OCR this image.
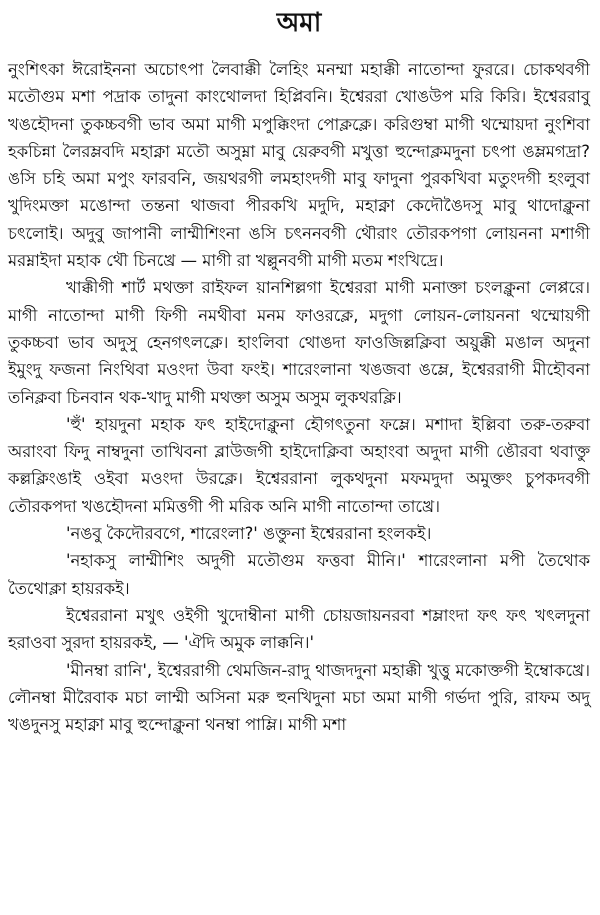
অমা
নুংশিৎকা ঈরোইননা অচোৎপা লৈবাক্কী লৈহিং মনম্মা মহাক্কী নাতোন্দা ফুররে। চোকথবগী মতৌগুম মশা পদ্রাক তাদুনা কাংথোলদা হিপ্লিবনি। ইশ্বেররা খোঙউপ মরি কিরি। ইশ্বেররাবু খঙহৌদনা তুকচ্চবগী ভাব অমা মাগী মপুক্কিংদা পোক্লক্লে। করিগুম্বা মাগী থম্মোয়দা নুংশিবা হকচিন্না লৈরম্লবদি মহাক্না মতৌ অসুম্না মাবু য়েরুবগী মখুত্তা হুন্দোক্লমদুনা চৎপা ঙম্লমগদ্রা? ঙসি চহি অমা মপুং ফারবনি, জয়থরগী লমহাংদগী মাবু ফাদুনা পুরকখিবা মতুংদগী হংলুবা খুদিংমক্তা মঙোন্দা তন্তনা থাজবা পীরকখি মদুদি, মহাক্না কেদৌঙৈদসু মাবু থাদোক্লুনা চৎলোই। অদুবু জাপানী লাম্মীশিংনা ঙসি চৎননবগী থৌরাং তৌরকপগা লোয়ননা মশাগী মরম্নাইদা মহাক থৌ চিনখ্রে — মাগী রা খল্লুনবগী মাগী মতম শংখিদ্রে।
খাক্কীগী শার্ট মথক্তা রাইফল য়ানশিল্লগা ইশ্বেররা মাগী মনাক্তা চংলক্লুনা লেপ্পরে। মাগী নাতোন্দা মাগী ফিগী নমথীবা মনম ফাওরক্লে, মদুগা লোয়ন-লোয়ননা থম্মোয়গী তুকচ্চবা ভাব অদুসু হেনগৎলক্লে। হাংলিবা থোঙদা ফাওজিল্লক্লিবা অয়ুক্কী মঙাল অদুনা ইমুংদু ফজনা নিংথিবা মওংদা উবা ফংই। শারেংলানা খঙজবা ঙম্লে, ইশ্বেররাগী মীহৌবনা তনিক্লবা চিনবান থক-খাদু মাগী মথক্তা অসুম অসুম লুকথরক্লি।
'হুঁ' হায়দুনা মহাক ফৎ হাইদোক্লুনা হৌগৎতুনা ফম্লে। মশাদা ইল্লিবা তরু-তরুবা অরাংবা ফিদু নাম্বদুনা তাখিবনা ব্লাউজগী হাইদোক্লিবা অহাংবা অদুদা মাগী ঙৌরবা থবাক্তু কল্লক্লিংঙাই ওইবা মওংদা উরক্লে। ইশ্বেররানা লুকথদুনা মফমদুদা অমুক্তং চুপকদবগী তৌরকপদা খঙহৌদনা মমিত্তগী পী মরিক অনি মাগী নাতোন্দা তাখ্রে।
'নঙবু কৈদৌরবগে, শারেংলা?' ঙক্তুনা ইশ্বেররানা হংলকই।
'নহাকসু লাম্মীশিং অদুগী মতৌগুম ফত্তবা মীনি।' শারেংলানা মপী তৈথোক তৈথোক্লা হায়রকই।
ইশ্বেররানা মখুৎ ওইগী খুদোম্বীনা মাগী চোয়জায়নরবা শম্লাংদা ফৎ ফৎ খৎলদুনা হরাওবা সুরদা হায়রকই, — 'ঐদি অমুক লাক্কনি।'
'মীনম্বা রানি', ইশ্বেররাগী থেমজিন-রাদু থাজদদুনা মহাক্কী খুত্তু মকোক্তগী ইম্বোকখ্রে। লৌনম্বা মীরৈবাক মচা লাম্মী অসিনা মরু হুনখিদুনা মচা অমা মাগী গর্ভদা পুরি, রাফম অদু খঙদুনসু মহাক্না মাবু হুন্দোক্লুনা থনম্বা পাম্লি। মাগী মশা
